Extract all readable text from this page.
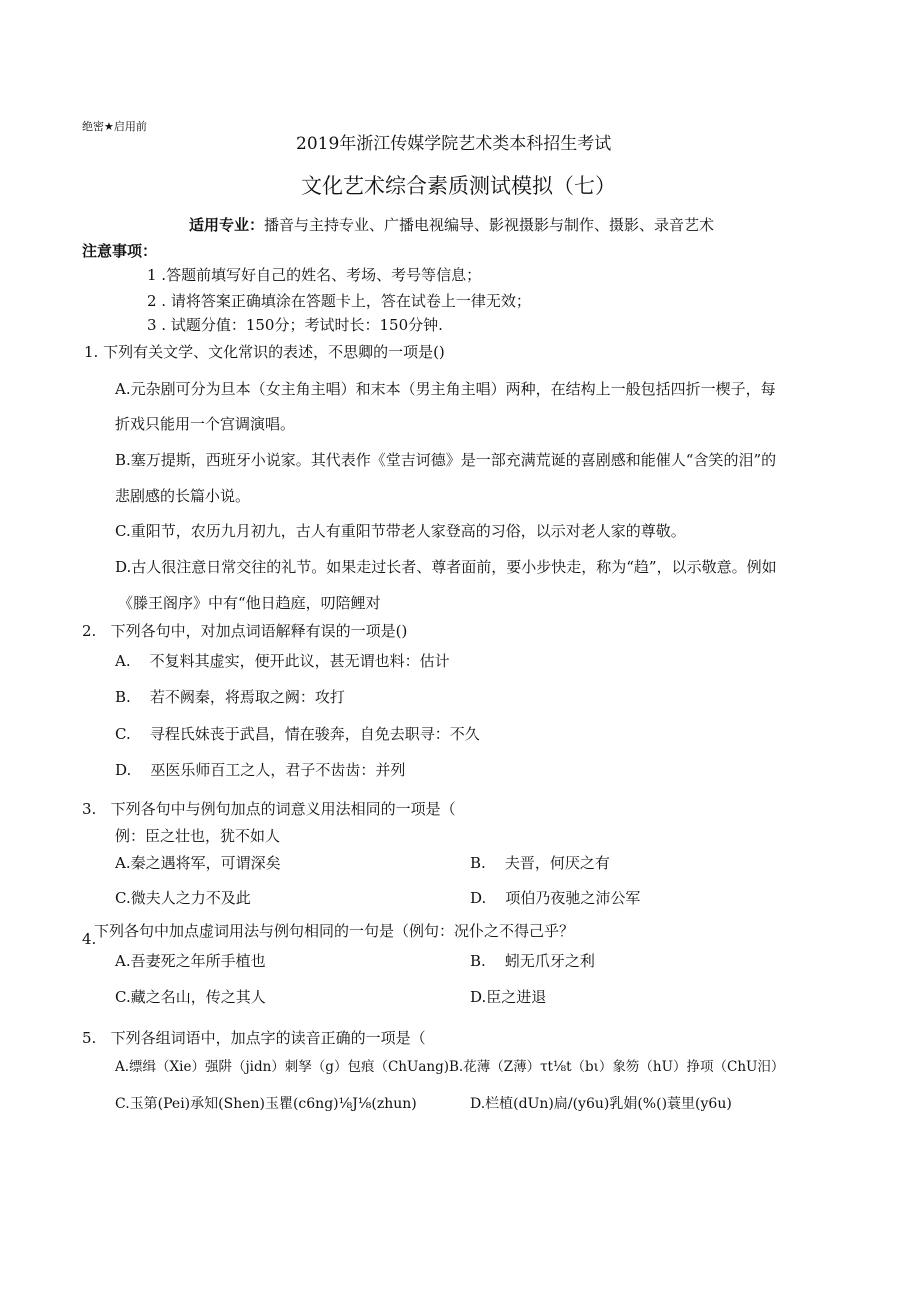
绝密★启用前
2019年浙江传媒学院艺术类本科招生考试
文化艺术综合素质测试模拟（七）
适用专业：播音与主持专业、广播电视编导、影视摄影与制作、摄影、录音艺术
注意事项：
1 .答题前填写好自己的姓名、考场、考号等信息；
2 . 请将答案正确填涂在答题卡上，答在试卷上一律无效；
3 . 试题分值：150分；考试时长：150分钟.
1. 下列有关文学、文化常识的表述，不思卿的一项是()
A.元杂剧可分为旦本（女主角主唱）和末本（男主角主唱）两种，在结构上一般包括四折一楔子，每
折戏只能用一个宫调演唱。
B.塞万提斯，西班牙小说家。其代表作《堂吉诃德》是一部充满荒诞的喜剧感和能催人“含笑的泪”的
悲剧感的长篇小说。
C.重阳节，农历九月初九，古人有重阳节带老人家登高的习俗，以示对老人家的尊敬。
D.古人很注意日常交往的礼节。如果走过长者、尊者面前，要小步快走，称为“趋”，以示敬意。例如
《滕王阁序》中有“他日趋庭，叨陪鲤对
2.   下列各句中，对加点词语解释有误的一项是()
A.    不复料其虚实，便开此议，甚无谓也料：估计
B.    若不阙秦，将焉取之阙：攻打
C.    寻程氏妹丧于武昌，情在骏奔，自免去职寻：不久
D.    巫医乐师百工之人，君子不齿齿：并列
3.   下列各句中与例句加点的词意义用法相同的一项是（
例：臣之壮也，犹不如人
A.秦之遇将军，可谓深矣	B.    夫晋，何厌之有
C.微夫人之力不及此	D.    项伯乃夜驰之沛公军
4.
下列各句中加点虚词用法与例句相同的一句是（例句：况仆之不得己乎？
A.吾妻死之年所手植也	B.    蚓无爪牙之利
C.藏之名山，传之其人	D.臣之进退
5.   下列各组词语中，加点字的读音正确的一项是（
A.缥缉（Xie）强阱（jidn）刺孥（g）包痕（ChUang)B.花薄（Z薄）τt⅛t（bι）象笏（hU）挣项（ChU汨）
C.玉第(Pei)承知(Shen)玉瞿(c6ng)⅛J⅛(zhun)	D.栏植(dUn)扃/(y6u)乳娟(%()蓑里(y6u)
